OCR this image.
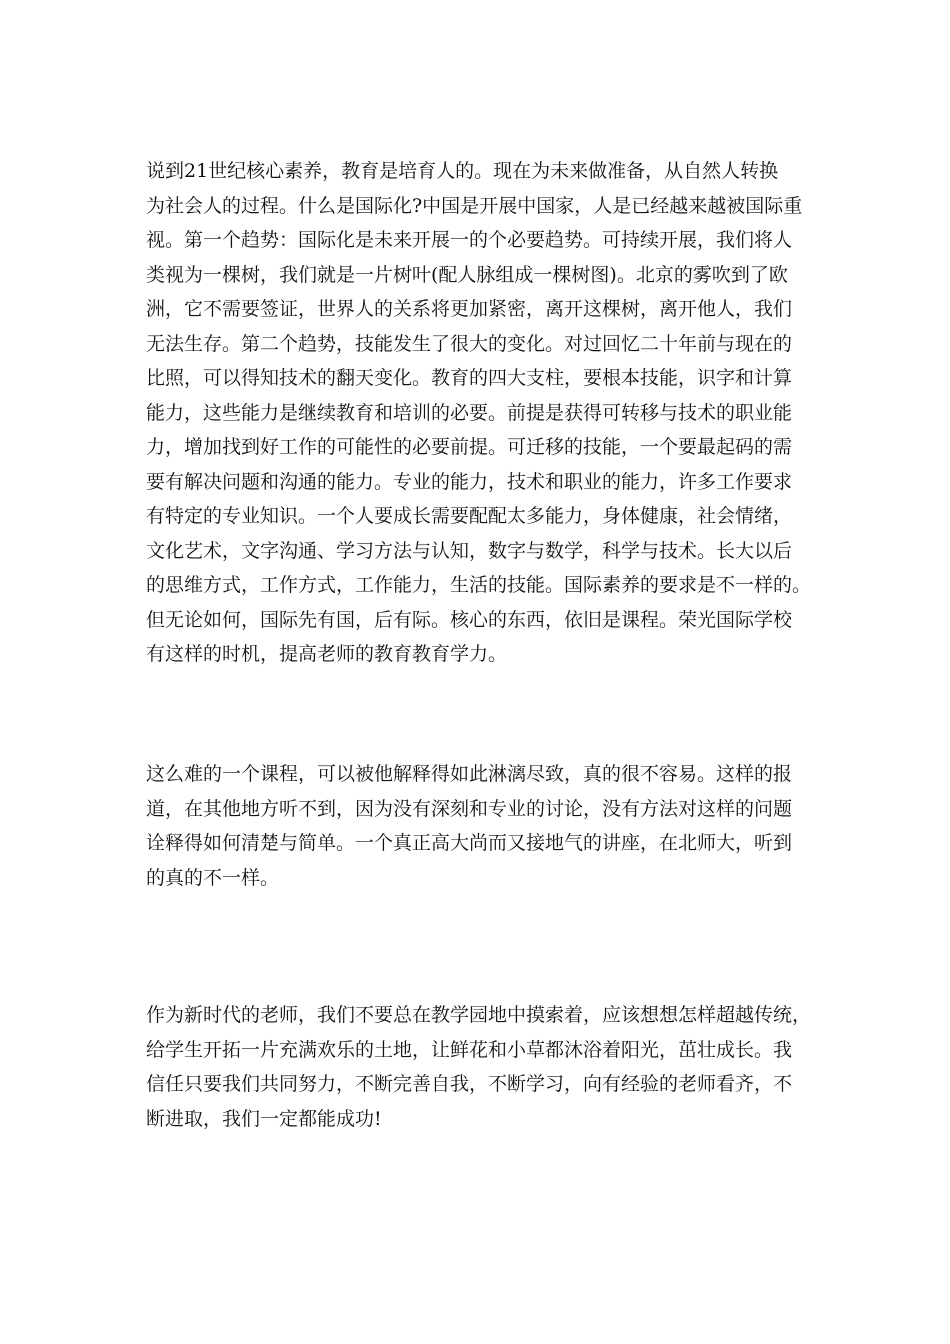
说到21世纪核心素养，教育是培育人的。现在为未来做准备，从自然人转换
为社会人的过程。什么是国际化?中国是开展中国家，人是已经越来越被国际重
视。第一个趋势：国际化是未来开展一的个必要趋势。可持续开展，我们将人
类视为一棵树，我们就是一片树叶(配人脉组成一棵树图)。北京的雾吹到了欧
洲，它不需要签证，世界人的关系将更加紧密，离开这棵树，离开他人，我们
无法生存。第二个趋势，技能发生了很大的变化。对过回忆二十年前与现在的
比照，可以得知技术的翻天变化。教育的四大支柱，要根本技能，识字和计算
能力，这些能力是继续教育和培训的必要。前提是获得可转移与技术的职业能
力，增加找到好工作的可能性的必要前提。可迁移的技能，一个要最起码的需
要有解决问题和沟通的能力。专业的能力，技术和职业的能力，许多工作要求
有特定的专业知识。一个人要成长需要配配太多能力，身体健康，社会情绪，
文化艺术，文字沟通、学习方法与认知，数字与数学，科学与技术。长大以后
的思维方式，工作方式，工作能力，生活的技能。国际素养的要求是不一样的。
但无论如何，国际先有国，后有际。核心的东西，依旧是课程。荣光国际学校
有这样的时机，提高老师的教育教育学力。

这么难的一个课程，可以被他解释得如此淋漓尽致，真的很不容易。这样的报
道，在其他地方听不到，因为没有深刻和专业的讨论，没有方法对这样的问题
诠释得如何清楚与简单。一个真正高大尚而又接地气的讲座，在北师大，听到
的真的不一样。

作为新时代的老师，我们不要总在教学园地中摸索着，应该想想怎样超越传统，
给学生开拓一片充满欢乐的土地，让鲜花和小草都沐浴着阳光，茁壮成长。我
信任只要我们共同努力，不断完善自我，不断学习，向有经验的老师看齐，不
断进取，我们一定都能成功!
